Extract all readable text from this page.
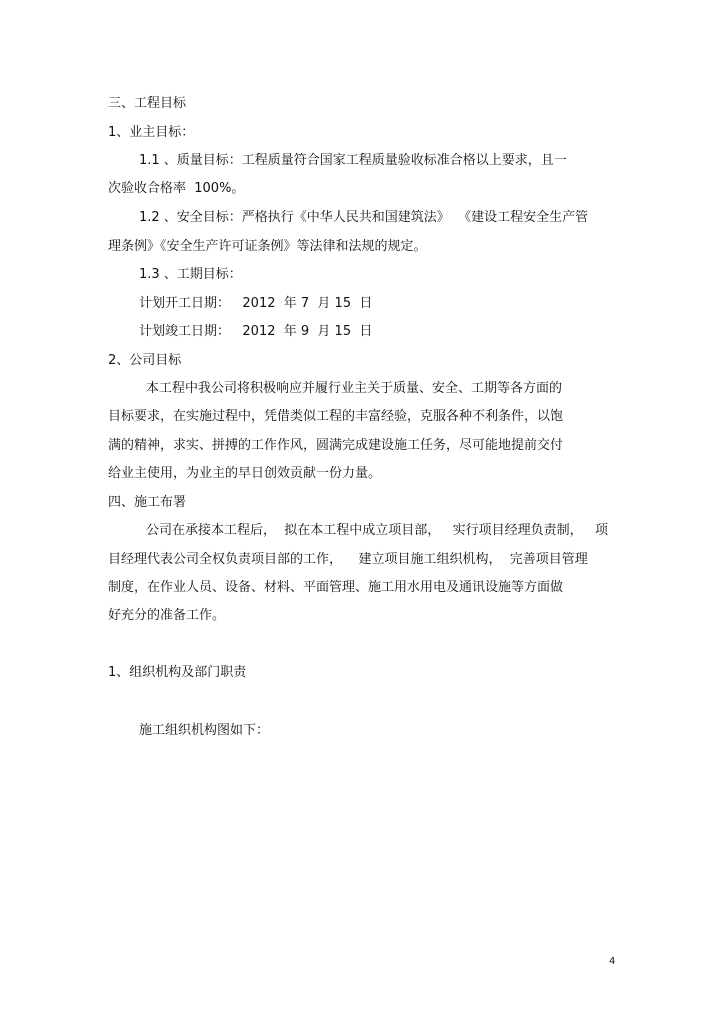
三、工程目标
1、业主目标：
1.1 、质量目标：工程质量符合国家工程质量验收标准合格以上要求，且一
次验收合格率  100%。
1.2 、安全目标：严格执行《中华人民共和国建筑法》  《建设工程安全生产管
理条例》《安全生产许可证条例》等法律和法规的规定。
1.3 、工期目标：
计划开工日期：   2012  年 7  月 15  日
计划竣工日期：   2012  年 9  月 15  日
2、公司目标
本工程中我公司将积极响应并履行业主关于质量、安全、工期等各方面的
目标要求，在实施过程中，凭借类似工程的丰富经验，克服各种不利条件，以饱
满的精神，求实、拼搏的工作作风，圆满完成建设施工任务，尽可能地提前交付
给业主使用，为业主的早日创效贡献一份力量。
四、施工布署
公司在承接本工程后，  拟在本工程中成立项目部，   实行项目经理负责制，   项
目经理代表公司全权负责项目部的工作，    建立项目施工组织机构，  完善项目管理
制度，在作业人员、设备、材料、平面管理、施工用水用电及通讯设施等方面做
好充分的准备工作。
1、组织机构及部门职责
施工组织机构图如下：
4
